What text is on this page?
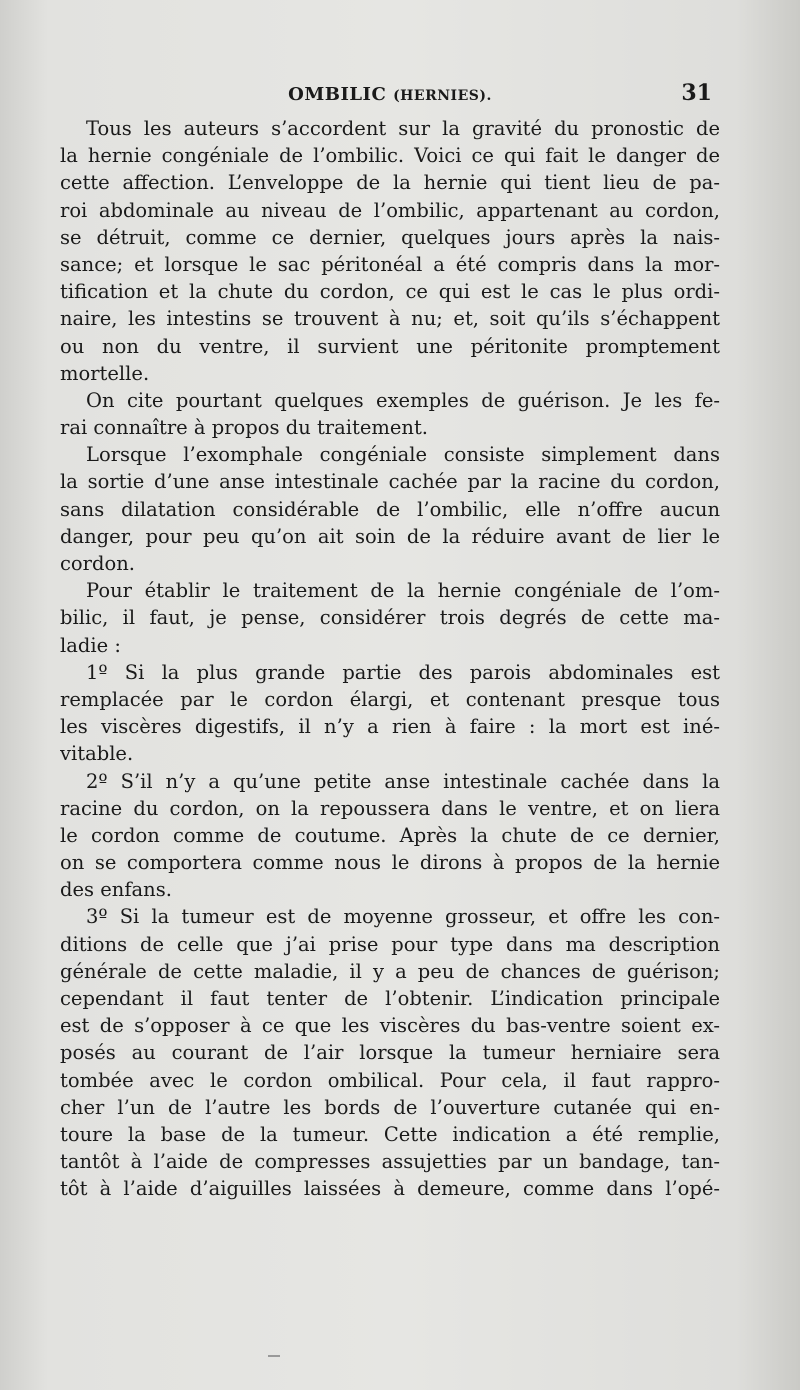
OMBILIC (HERNIES).	31
Tous les auteurs s’accordent sur la gravité du pronostic de
la hernie congéniale de l’ombilic. Voici ce qui fait le danger de
cette affection. L’enveloppe de la hernie qui tient lieu de pa-
roi abdominale au niveau de l’ombilic, appartenant au cordon,
se détruit, comme ce dernier, quelques jours après la nais-
sance; et lorsque le sac péritonéal a été compris dans la mor-
tification et la chute du cordon, ce qui est le cas le plus ordi-
naire, les intestins se trouvent à nu; et, soit qu’ils s’échappent
ou non du ventre, il survient une péritonite promptement
mortelle.
On cite pourtant quelques exemples de guérison. Je les fe-
rai connaître à propos du traitement.
Lorsque l’exomphale congéniale consiste simplement dans
la sortie d’une anse intestinale cachée par la racine du cordon,
sans dilatation considérable de l’ombilic, elle n’offre aucun
danger, pour peu qu’on ait soin de la réduire avant de lier le
cordon.
Pour établir le traitement de la hernie congéniale de l’om-
bilic, il faut, je pense, considérer trois degrés de cette ma-
ladie :
1º Si la plus grande partie des parois abdominales est
remplacée par le cordon élargi, et contenant presque tous
les viscères digestifs, il n’y a rien à faire : la mort est iné-
vitable.
2º S’il n’y a qu’une petite anse intestinale cachée dans la
racine du cordon, on la repoussera dans le ventre, et on liera
le cordon comme de coutume. Après la chute de ce dernier,
on se comportera comme nous le dirons à propos de la hernie
des enfans.
3º Si la tumeur est de moyenne grosseur, et offre les con-
ditions de celle que j’ai prise pour type dans ma description
générale de cette maladie, il y a peu de chances de guérison;
cependant il faut tenter de l’obtenir. L’indication principale
est de s’opposer à ce que les viscères du bas-ventre soient ex-
posés au courant de l’air lorsque la tumeur herniaire sera
tombée avec le cordon ombilical. Pour cela, il faut rappro-
cher l’un de l’autre les bords de l’ouverture cutanée qui en-
toure la base de la tumeur. Cette indication a été remplie,
tantôt à l’aide de compresses assujetties par un bandage, tan-
tôt à l’aide d’aiguilles laissées à demeure, comme dans l’opé-
